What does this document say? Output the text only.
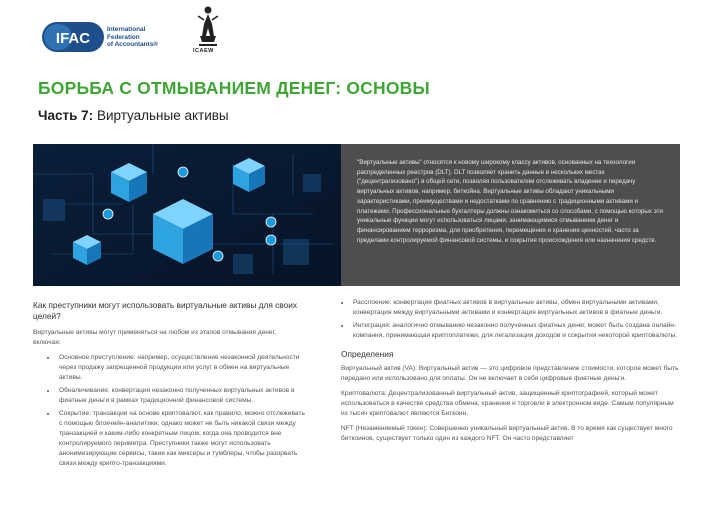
IFAC
International
Federation
of Accountants®
ICAEW
БОРЬБА С ОТМЫВАНИЕМ ДЕНЕГ: ОСНОВЫ
Часть 7: Виртуальные активы
"Виртуальные активы" относятся к новому широкому классу активов, основанных на технологии распределенных реестров (DLT). DLT позволяет хранить данные в нескольких местах ("децентрализовано") в общей сети, позволяя пользователям отслеживать владение и передачу виртуальных активов, например, биткойна. Виртуальные активы обладают уникальными характеристиками, преимуществами и недостатками по сравнению с традиционными активами и платежами. Профессиональные бухгалтеры должны ознакомиться со способами, с помощью которых эти уникальные функции могут использоваться лицами, занимающимися отмыванием денег и финансированием терроризма, для приобретения, перемещения и хранения ценностей, часто за пределами контролируемой финансовой системы, и сокрытия происхождения или назначения средств.
Как преступники могут использовать виртуальные активы для своих целей?
Виртуальные активы могут применяться на любом из этапов отмывания денег, включая:
• Основное преступление: например, осуществление незаконной деятельности через продажу запрещенной продукции или услуг в обмен на виртуальные активы.
• Обналичивание: конвертация незаконно полученных виртуальных активов в фиатные деньги в рамках традиционной финансовой системы.
• Сокрытие: транзакции на основе криптовалют, как правило, можно отслеживать с помощью блокчейн-аналитики, однако может не быть никакой связи между транзакцией и каким-либо конкретным лицом, когда она проводится вне контролируемого периметра. Преступники также могут использовать анонимизирующие сервисы, такие как миксеры и тумблеры, чтобы разорвать связи между крипто-транзакциями.
• Расслоение: конвертация фиатных активов в виртуальные активы, обмен виртуальными активами, конвертация между виртуальными активами и конвертация виртуальных активов в фиатные деньги.
• Интеграция: аналогично отмыванию незаконно полученных фиатных денег, может быть создана онлайн-компания, принимающая криптоплатежи, для легализации доходов и сокрытия некоторой криптовалюты.
Определения
Виртуальный актив (VA): Виртуальный актив — это цифровое представление стоимости, которое может быть передано или использовано для оплаты. Он не включает в себя цифровые фиатные деньги.
Криптовалюта: Децентрализованный виртуальный актив, защищенный криптографией, который может использоваться в качестве средства обмена, хранения и торговли в электронном виде. Самым популярным из тысяч криптовалют являются Биткоин.
NFT (Незаменяемый токен): Совершенно уникальный виртуальный актив. В то время как существует много биткоинов, существует только один из каждого NFT. Он часто представляет
